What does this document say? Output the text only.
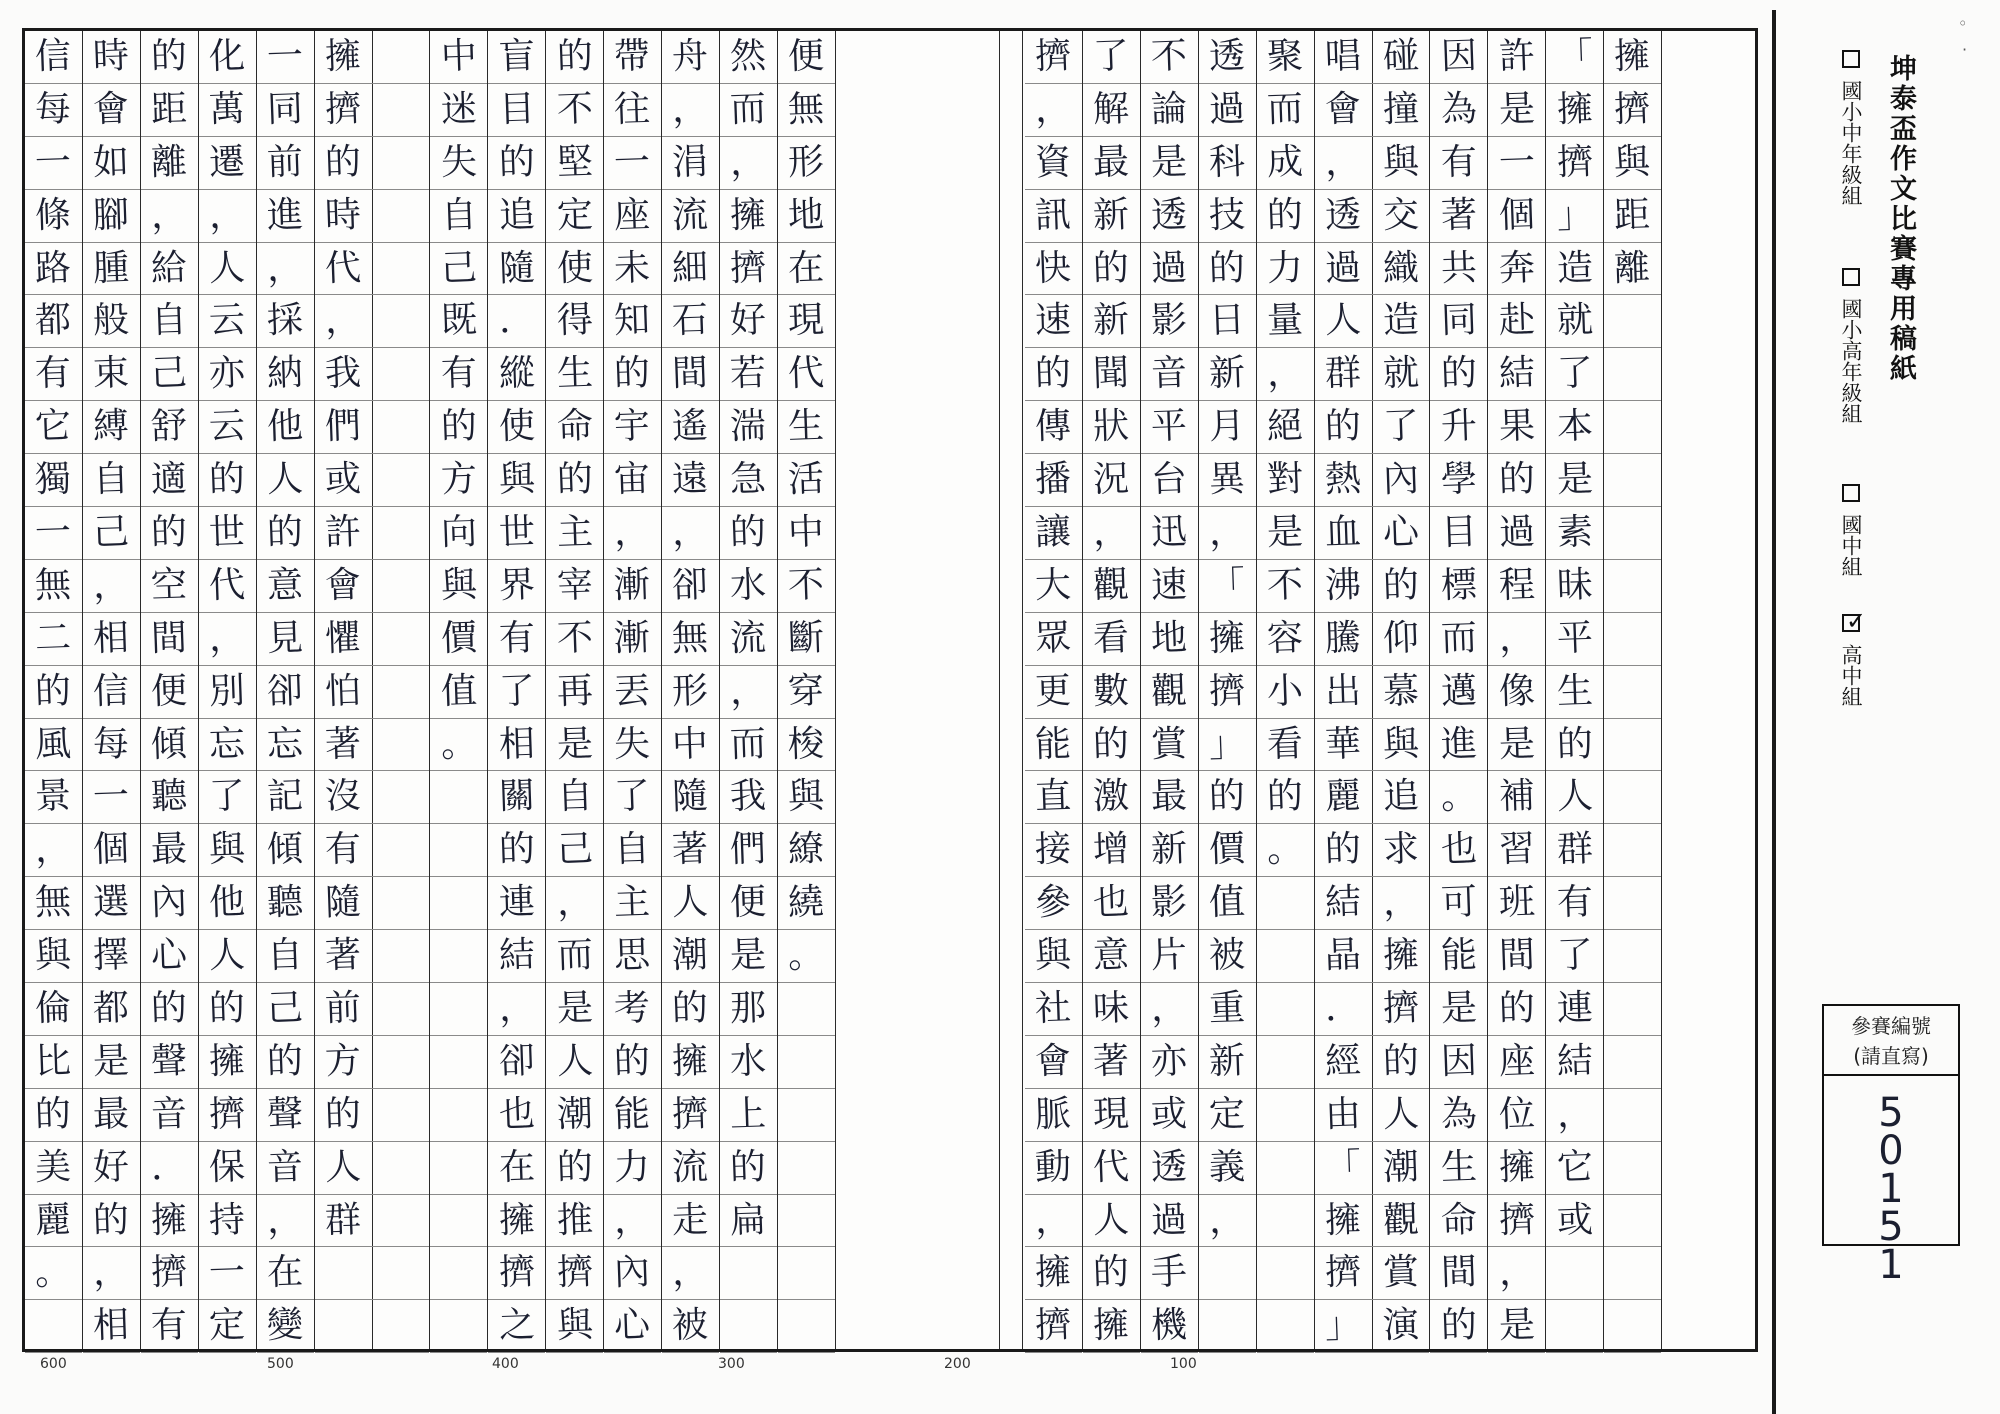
信
每
一
條
路
都
有
它
獨
一
無
二
的
風
景
，
無
與
倫
比
的
美
麗
。
時
會
如
腳
腫
般
束
縛
自
己
，
相
信
每
一
個
選
擇
都
是
最
好
的
，
相
的
距
離
，
給
自
己
舒
適
的
空
間
便
傾
聽
最
內
心
的
聲
音
．
擁
擠
有
化
萬
遷
，
人
云
亦
云
的
世
代
，
別
忘
了
與
他
人
的
擁
擠
保
持
一
定
一
同
前
進
，
採
納
他
人
的
意
見
卻
忘
記
傾
聽
自
己
的
聲
音
，
在
變
擁
擠
的
時
代
，
我
們
或
許
會
懼
怕
著
沒
有
隨
著
前
方
的
人
群
中
迷
失
自
己
既
有
的
方
向
與
價
值
。
盲
目
的
追
隨
．
縱
使
與
世
界
有
了
相
關
的
連
結
，
卻
也
在
擁
擠
之
的
不
堅
定
使
得
生
命
的
主
宰
不
再
是
自
己
，
而
是
人
潮
的
推
擠
與
帶
往
一
座
未
知
的
宇
宙
，
漸
漸
丟
失
了
自
主
思
考
的
能
力
，
內
心
舟
，
涓
流
細
石
間
遙
遠
，
卻
無
形
中
隨
著
人
潮
的
擁
擠
流
走
，
被
然
而
，
擁
擠
好
若
湍
急
的
水
流
，
而
我
們
便
是
那
水
上
的
扁
便
無
形
地
在
現
代
生
活
中
不
斷
穿
梭
與
繚
繞
。
擠
，
資
訊
快
速
的
傳
播
讓
大
眾
更
能
直
接
參
與
社
會
脈
動
，
擁
擠
了
解
最
新
的
新
聞
狀
況
，
觀
看
數
的
激
增
也
意
味
著
現
代
人
的
擁
不
論
是
透
過
影
音
平
台
迅
速
地
觀
賞
最
新
影
片
，
亦
或
透
過
手
機
透
過
科
技
的
日
新
月
異
，
「
擁
擠
」
的
價
值
被
重
新
定
義
，
聚
而
成
的
力
量
，
絕
對
是
不
容
小
看
的
。
唱
會
，
透
過
人
群
的
熱
血
沸
騰
出
華
麗
的
結
晶
．
經
由
「
擁
擠
」
碰
撞
與
交
織
造
就
了
內
心
的
仰
慕
與
追
求
，
擁
擠
的
人
潮
觀
賞
演
因
為
有
著
共
同
的
升
學
目
標
而
邁
進
。
也
可
能
是
因
為
生
命
間
的
許
是
一
個
奔
赴
結
果
的
過
程
，
像
是
補
習
班
間
的
座
位
擁
擠
，
是
「
擁
擠
」
造
就
了
本
是
素
昧
平
生
的
人
群
有
了
連
結
，
它
或
擁
擠
與
距
離
600	500	400	300	200	100
坤泰盃作文比賽專用稿紙
國小中年級組
國小高年級組
國中組
✓高中組
參賽編號
(請直寫)
5
0
1
5
1
◦
·
